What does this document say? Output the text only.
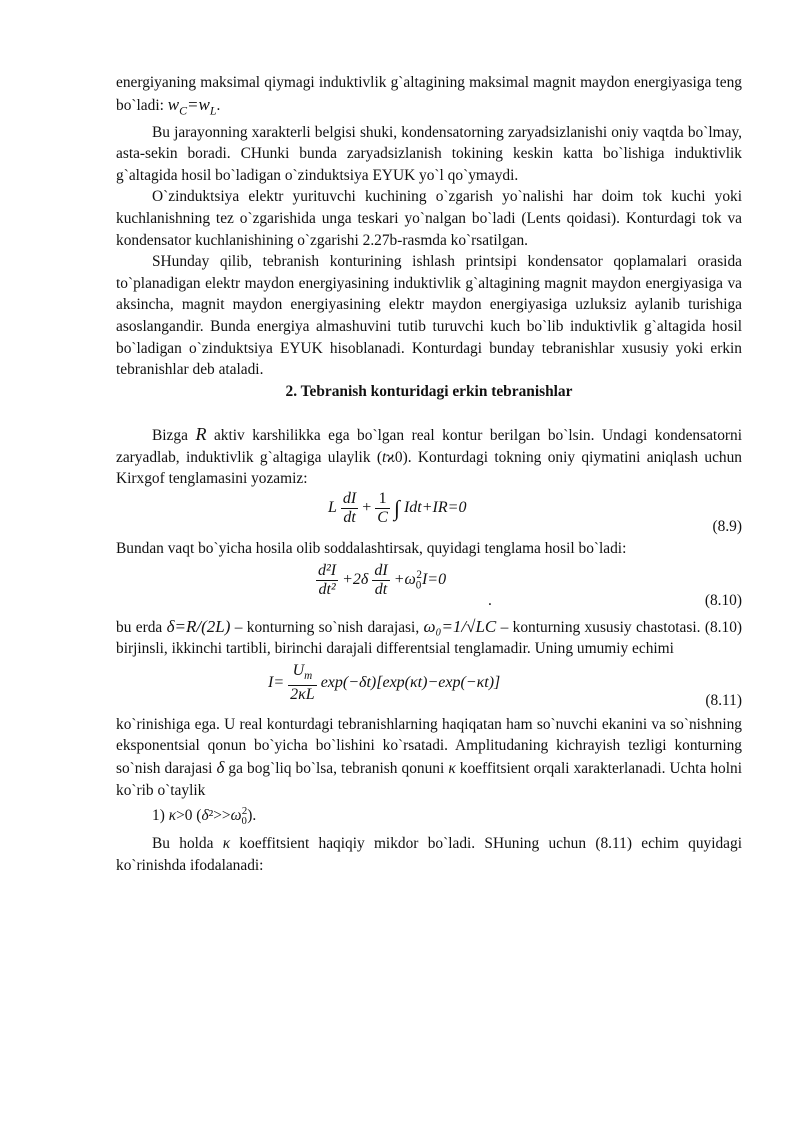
energiyaning maksimal qiymagi induktivlik g`altagining maksimal magnit maydon energiyasiga teng bo`ladi: $w_C=w_L$.

Bu jarayonning xarakterli belgisi shuki, kondensatorning zaryadsizlanishi oniy vaqtda bo`lmay, asta-sekin boradi. CHunki bunda zaryadsizlanish tokining keskin katta bo`lishiga induktivlik g`altagida hosil bo`ladigan o`zinduktsiya EYUK yo`l qo`ymaydi.

O`zinduktsiya elektr yurituvchi kuchining o`zgarish yo`nalishi har doim tok kuchi yoki kuchlanishning tez o`zgarishida unga teskari yo`nalgan bo`ladi (Lents qoidasi). Konturdagi tok va kondensator kuchlanishining o`zgarishi 2.27b-rasmda ko`rsatilgan.

SHunday qilib, tebranish konturining ishlash printsipi kondensator qoplamalari orasida to`planadigan elektr maydon energiyasining induktivlik g`altagining magnit maydon energiyasiga va aksincha, magnit maydon energiyasining elektr maydon energiyasiga uzluksiz aylanib turishiga asoslangandir. Bunda energiya almashuvini tutib turuvchi kuch bo`lib induktivlik g`altagida hosil bo`ladigan o`zinduktsiya EYUK hisoblanadi. Konturdagi bunday tebranishlar xususiy yoki erkin tebranishlar deb ataladi.

2. Tebranish konturidagi erkin tebranishlar

Bizga R aktiv karshilikka ega bo`lgan real kontur berilgan bo`lsin. Undagi kondensatorni zaryadlab, induktivlik g`altagiga ulaylik (tϰ0). Konturdagi tokning oniy qiymatini aniqlash uchun Kirxgof tenglamasini yozamiz:

L $\frac{dI}{dt} + \frac{1}{C}$ ∫ Idt+IR=0
(8.9)

Bundan vaqt bo`yicha hosila olib soddalashtirsak, quyidagi tenglama hosil bo`ladi:

$\frac{\text{d²I}}{\text{dt²}} +2\delta \frac{dI}{dt} +\omega_0^2I=0$
.	(8.10)

bu erda δ=R/(2L) – konturning so`nish darajasi, ω₀=1/√LC – konturning xususiy chastotasi. (8.10) birjinsli, ikkinchi tartibli, birinchi darajali differentsial tenglamadir. Uning umumiy echimi

$I= \frac{U_m}{2\kappa L} \exp(-\delta t)[\exp(\kappa t)-\exp(-\kappa t)]$
(8.11)

ko`rinishiga ega. U real konturdagi tebranishlarning haqiqatan ham so`nuvchi ekanini va so`nishning eksponentsial qonun bo`yicha bo`lishini ko`rsatadi. Amplitudaning kichrayish tezligi konturning so`nish darajasi δ ga bog`liq bo`lsa, tebranish qonuni κ koeffitsient orqali xarakterlanadi. Uchta holni ko`rib o`taylik

1) κ>0 $(\delta^2>>\omega_0^2)$.

Bu holda κ koeffitsient haqiqiy mikdor bo`ladi. SHuning uchun (8.11) echim quyidagi ko`rinishda ifodalanadi:
